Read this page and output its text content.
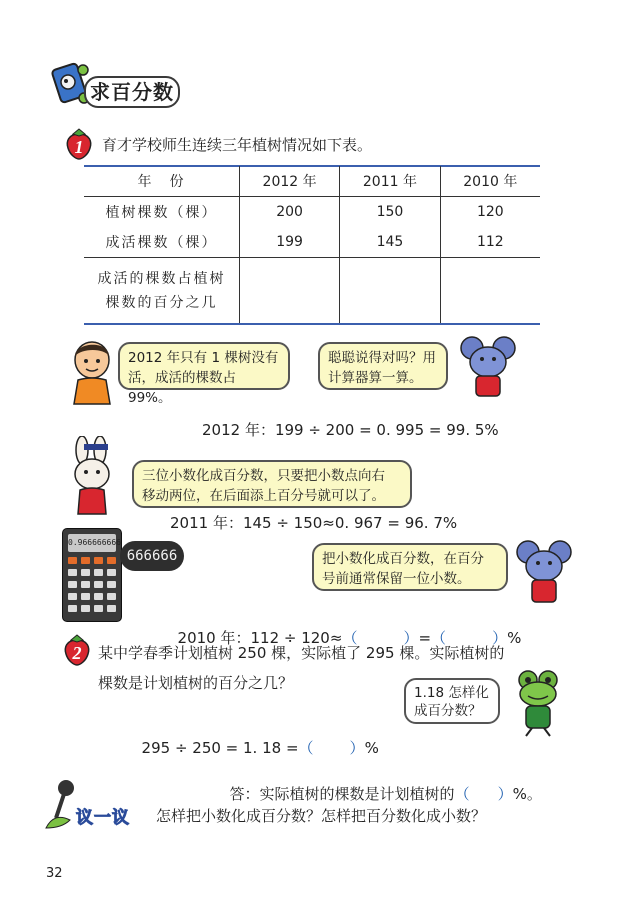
求百分数
1	育才学校师生连续三年植树情况如下表。
年　份	2012 年	2011 年	2010 年
植树棵数（棵）	200	150	120
成活棵数（棵）	199	145	112

成活的棵数占植树
棵数的百分之几			

2012 年只有 1 棵树没有
活，成活的棵数占 99%。
聪聪说得对吗？用
计算器算一算。
2012 年：199 ÷ 200 = 0. 995 = 99. 5%
三位小数化成百分数，只要把小数点向右
移动两位，在后面添上百分号就可以了。
2011 年：145 ÷ 150≈0. 967 = 96. 7%
0.966666666
666666	把小数化成百分数，在百分
号前通常保留一位小数。

2010 年：112 ÷ 120≈（	）=（	）%

2	某中学春季计划植树 250 棵，实际植了 295 棵。实际植树的
棵数是计划植树的百分之几？
1.18 怎样化
成百分数？

295 ÷ 250 = 1. 18 =（ ）%

答：实际植树的棵数是计划植树的（ ）%。

议一议 怎样把小数化成百分数？怎样把百分数化成小数？
32
